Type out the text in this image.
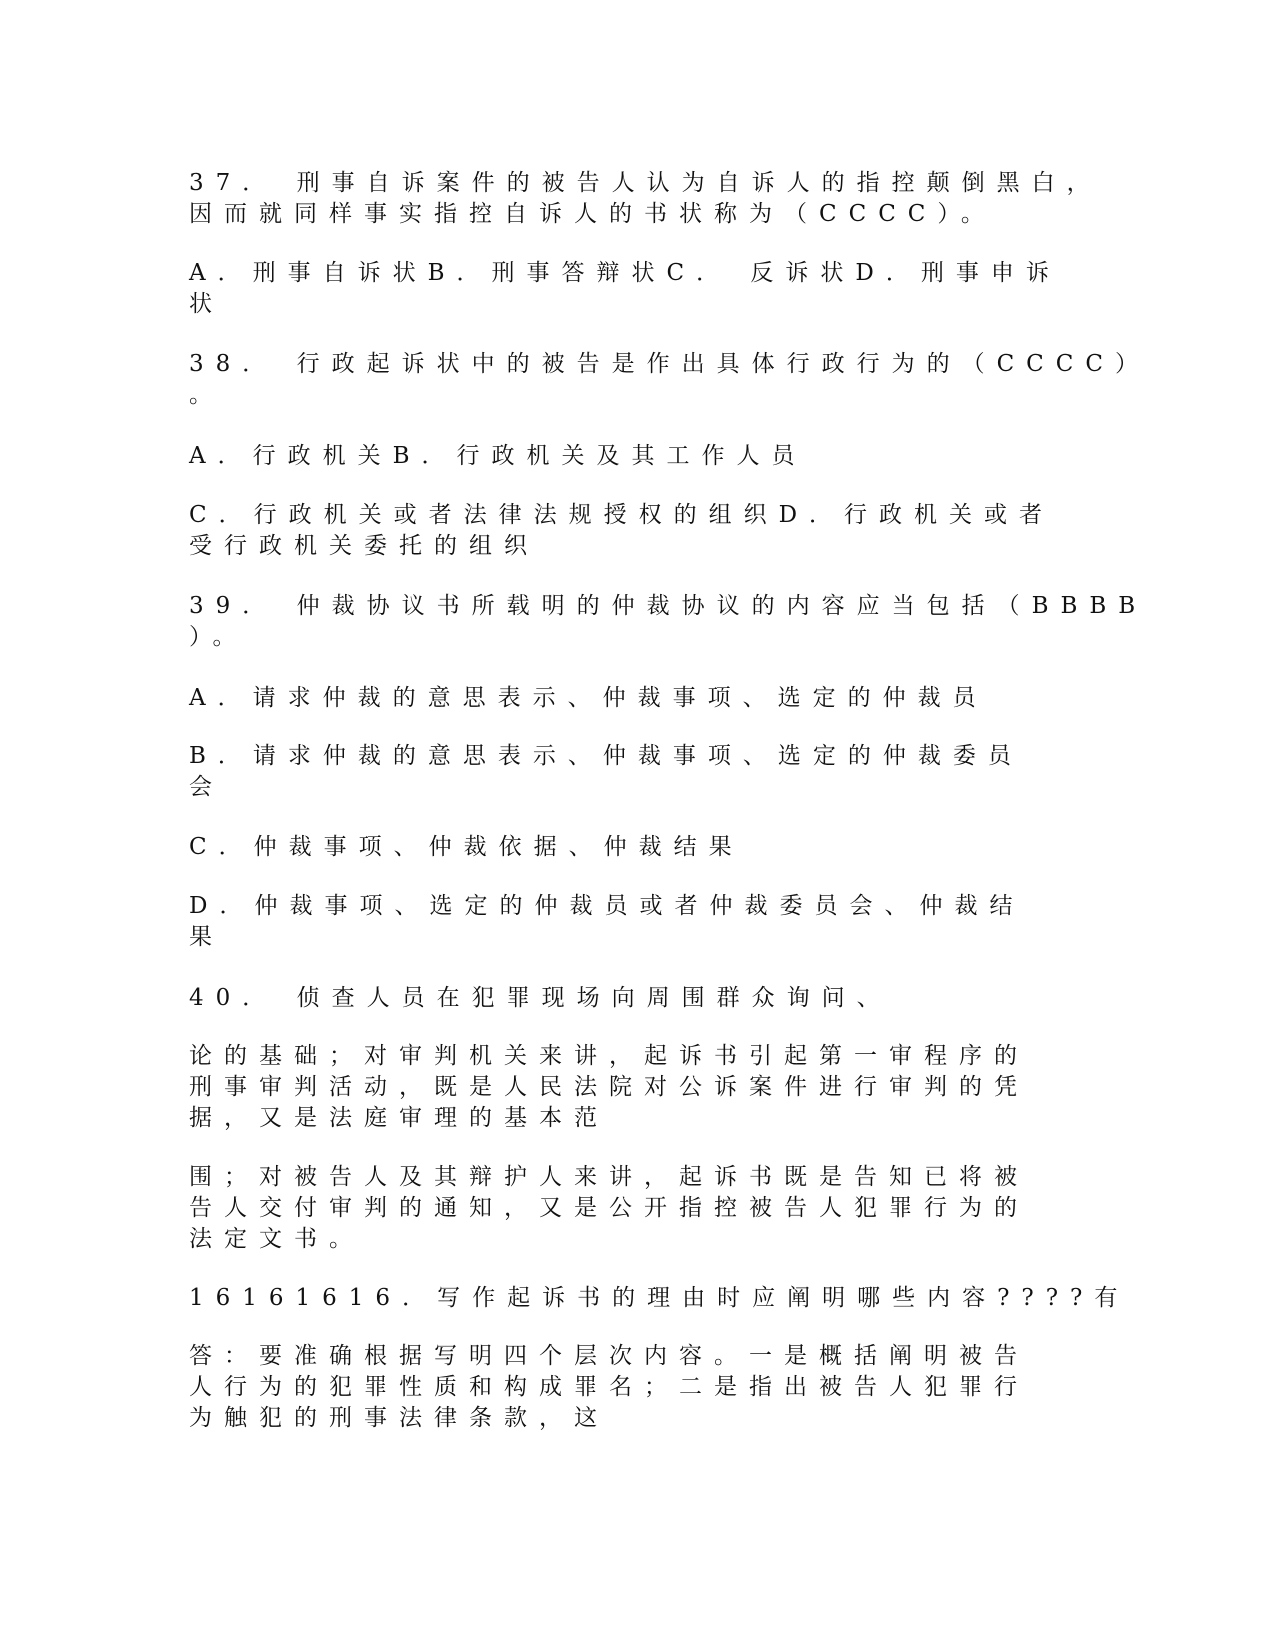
37． 刑事自诉案件的被告人认为自诉人的指控颠倒黑白，
因而就同样事实指控自诉人的书状称为（CCCC）。

A．刑事自诉状B．刑事答辩状C． 反诉状D．刑事申诉
状

38． 行政起诉状中的被告是作出具体行政行为的（CCCC）
。

A．行政机关B．行政机关及其工作人员

C．行政机关或者法律法规授权的组织D．行政机关或者
受行政机关委托的组织

39． 仲裁协议书所载明的仲裁协议的内容应当包括（BBBB
）。

A．请求仲裁的意思表示、仲裁事项、选定的仲裁员

B．请求仲裁的意思表示、仲裁事项、选定的仲裁委员
会

C．仲裁事项、仲裁依据、仲裁结果

D．仲裁事项、选定的仲裁员或者仲裁委员会、仲裁结
果

40． 侦查人员在犯罪现场向周围群众询问、

论的基础；对审判机关来讲，起诉书引起第一审程序的
刑事审判活动，既是人民法院对公诉案件进行审判的凭
据，又是法庭审理的基本范

围；对被告人及其辩护人来讲，起诉书既是告知已将被
告人交付审判的通知，又是公开指控被告人犯罪行为的
法定文书。

16161616．写作起诉书的理由时应阐明哪些内容????有

答：要准确根据写明四个层次内容。一是概括阐明被告
人行为的犯罪性质和构成罪名；二是指出被告人犯罪行
为触犯的刑事法律条款，这
